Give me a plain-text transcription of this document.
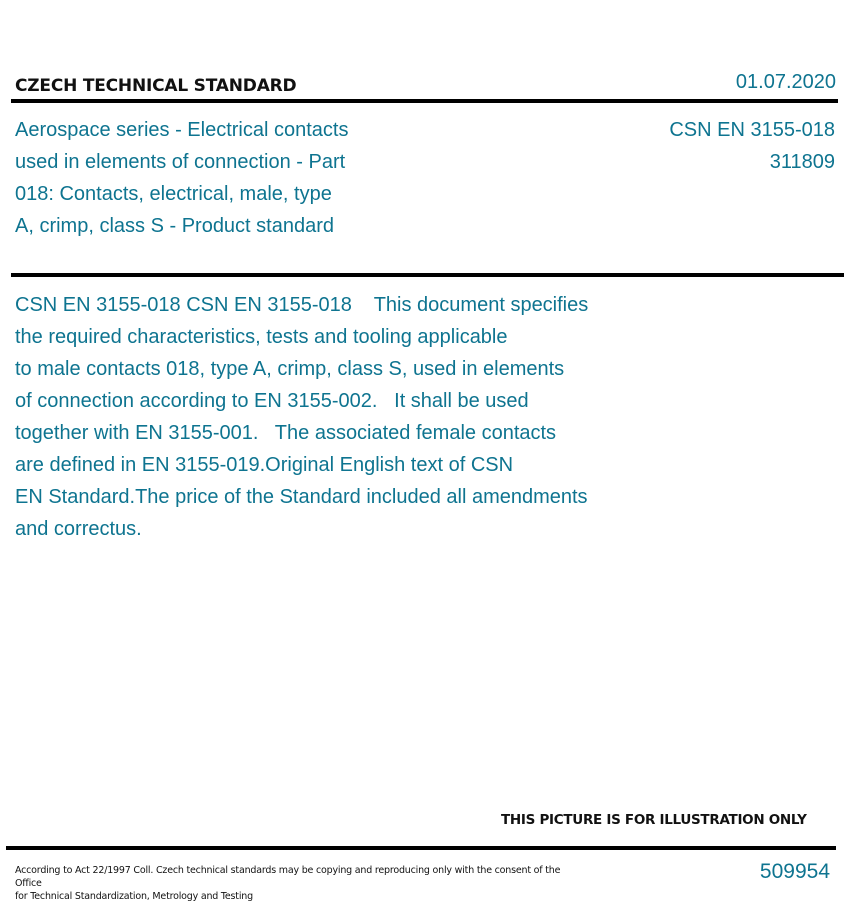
CZECH TECHNICAL STANDARD	01.07.2020
Aerospace series - Electrical contacts
used in elements of connection - Part
018: Contacts, electrical, male, type
A, crimp, class S - Product standard
CSN EN 3155-018
311809
CSN EN 3155-018 CSN EN 3155-018    This document specifies
the required characteristics, tests and tooling applicable
to male contacts 018, type A, crimp, class S, used in elements
of connection according to EN 3155-002.   It shall be used
together with EN 3155-001.   The associated female contacts
are defined in EN 3155-019.Original English text of CSN
EN Standard.The price of the Standard included all amendments
and correctus.
THIS PICTURE IS FOR ILLUSTRATION ONLY
According to Act 22/1997 Coll. Czech technical standards may be copying and reproducing only with the consent of the Office
for Technical Standardization, Metrology and Testing
509954
